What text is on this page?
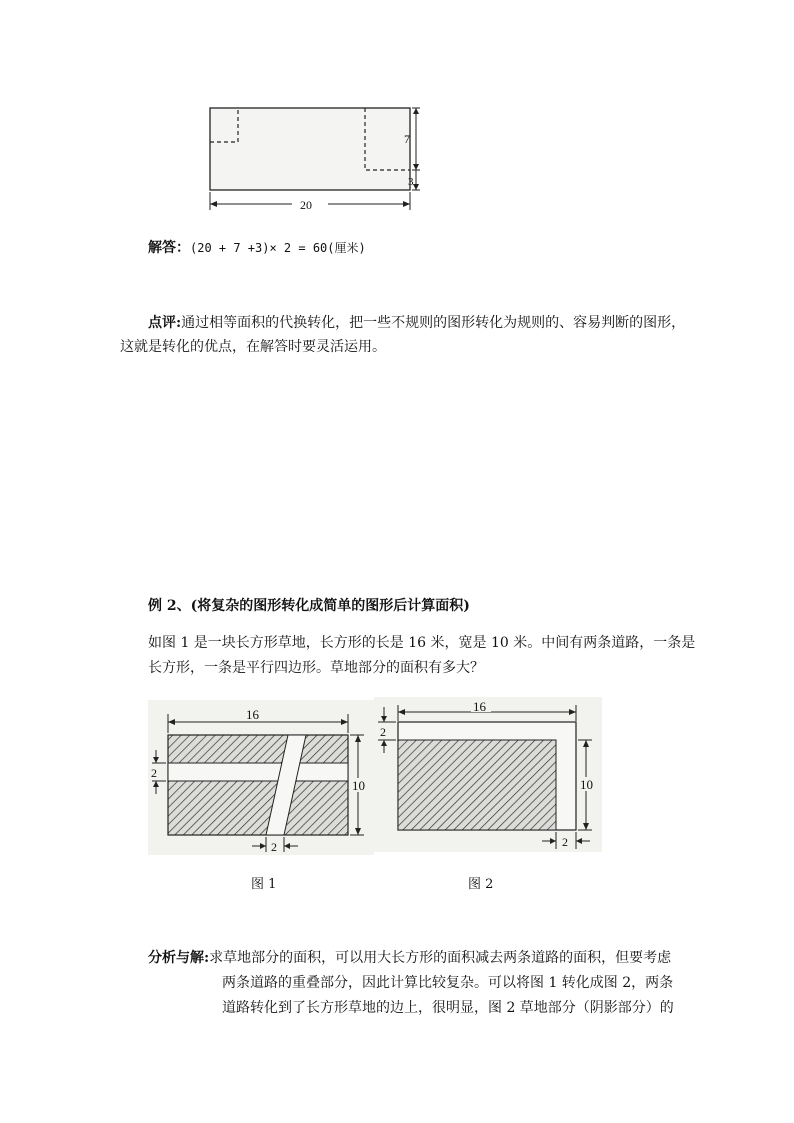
7
3
20
解答：(20 + 7 +3)× 2 = 60(厘米)
点评:通过相等面积的代换转化，把一些不规则的图形转化为规则的、容易判断的图形，
这就是转化的优点，在解答时要灵活运用。
例 2、(将复杂的图形转化成简单的图形后计算面积)
如图 1 是一块长方形草地，长方形的长是 16 米，宽是 10 米。中间有两条道路，一条是
长方形，一条是平行四边形。草地部分的面积有多大？
16
10
2
2
16
10
2
2
图 1	图 2
分析与解:求草地部分的面积，可以用大长方形的面积减去两条道路的面积，但要考虑
两条道路的重叠部分，因此计算比较复杂。可以将图 1 转化成图 2，两条
道路转化到了长方形草地的边上，很明显，图 2 草地部分（阴影部分）的
